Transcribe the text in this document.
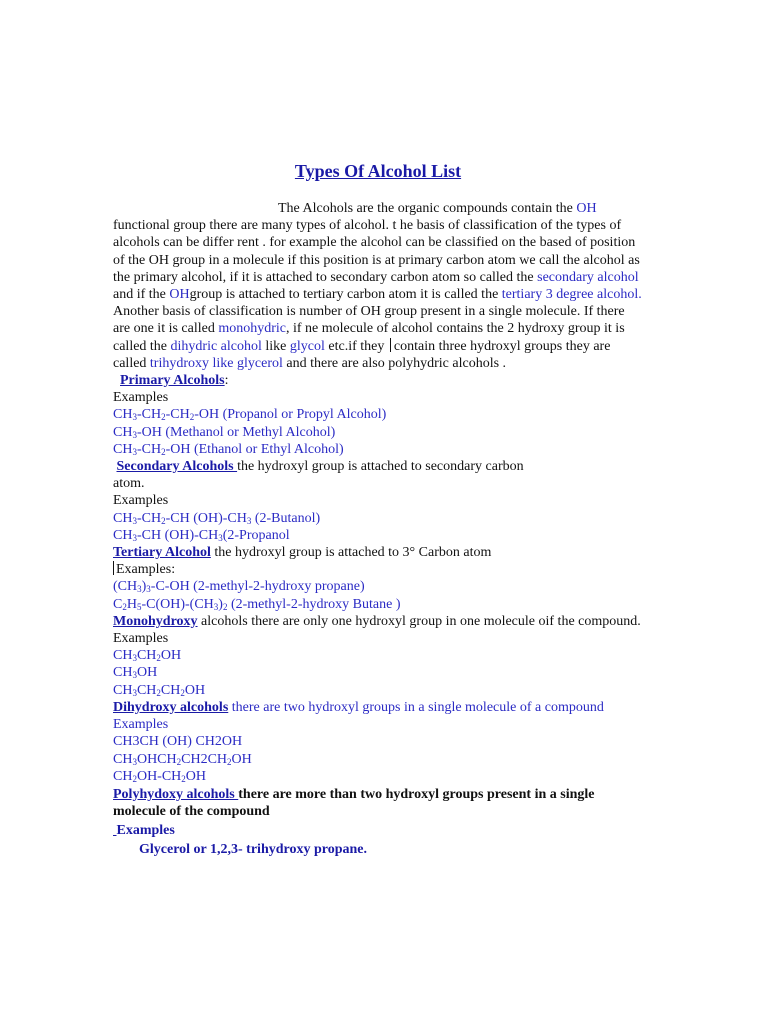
Types Of Alcohol List

The Alcohols are the organic compounds contain the OH functional group there are many types of alcohol. t he basis of classification of the types of alcohols can be differ rent . for example the alcohol can be classified on the based of position of the OH group in a molecule if this position is at primary carbon atom we call the alcohol as the primary alcohol, if it is attached to secondary carbon atom so called the secondary alcohol and if the OHgroup is attached to tertiary carbon atom it is called the tertiary 3 degree alcohol.

Another basis of classification is number of OH group present in a single molecule. If there are one it is called monohydric, if ne molecule of alcohol contains the 2 hydroxy group it is called the dihydric alcohol like glycol etc.if they contain three hydroxyl groups they are called trihydroxy like glycerol and there are also polyhydric alcohols .

Primary Alcohols:

Examples

$CH_3-CH_2-CH_2-OH$ (Propanol or Propyl Alcohol)

$CH_3-OH$ (Methanol or Methyl Alcohol)

$CH_3-CH_2-OH$ (Ethanol or Ethyl Alcohol)

Secondary Alcohols the hydroxyl group is attached to secondary carbon atom.

Examples

$CH_3-CH_2-CH$ $(OH)-CH_3$ (2-Butanol)

$CH_3-CH$ $(OH)-CH_3(2$-Propanol

Tertiary Alcohol the hydroxyl group is attached to 3° Carbon atom

Examples:

$(CH_3)_3-C-OH$ (2-methyl-2-hydroxy propane)

$C_2H_5-C(OH)-(CH_3)_2$ (2-methyl-2-hydroxy Butane )

Monohydroxy alcohols there are only one hydroxyl group in one molecule oif the compound.

Examples

$CH_3CH_2OH$

$CH_3OH$

$CH_3CH_2CH_2OH$

Dihydroxy alcohols there are two hydroxyl groups in a single molecule of a compound

Examples

CH3CH (OH) CH2OH

$CH_3OHCH_2CH2CH_2OH$

$CH_2OH-CH_2OH$

Polyhydoxy alcohols there are more than two hydroxyl groups present in a single molecule of the compound

Examples

Glycerol or 1,2,3- trihydroxy propane.
